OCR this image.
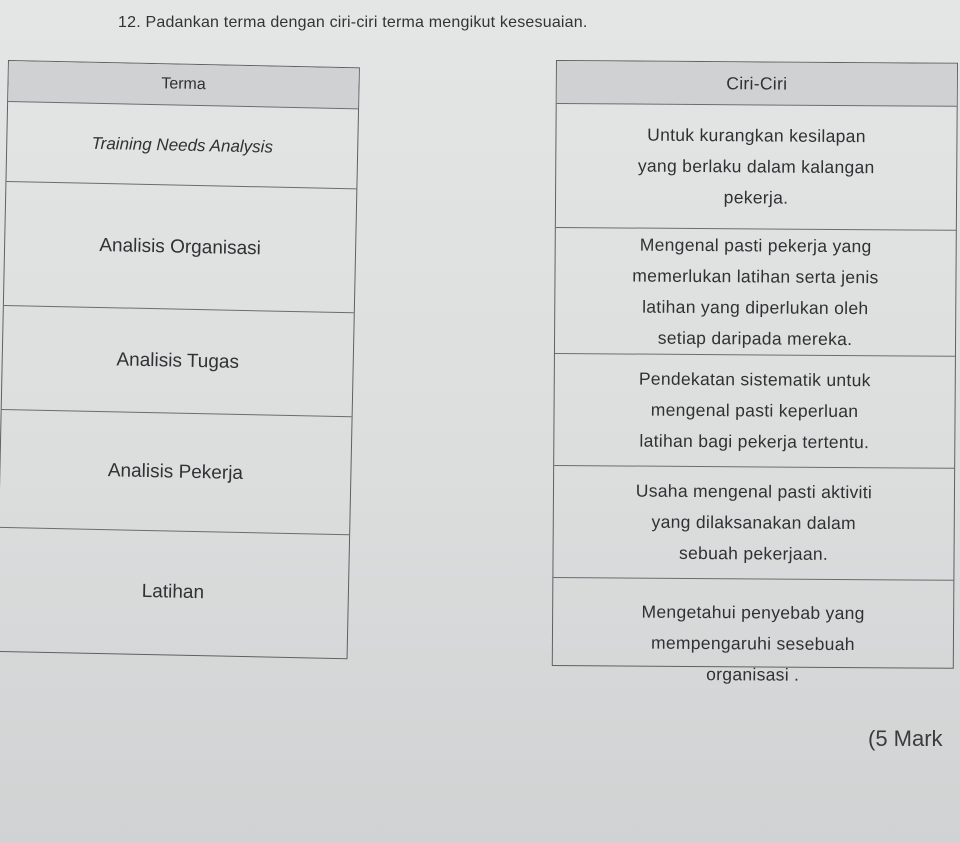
12. Padankan terma dengan ciri-ciri terma mengikut kesesuaian.
Terma
Training Needs Analysis
Analisis Organisasi
Analisis Tugas
Analisis Pekerja
Latihan
Ciri-Ciri
Untuk kurangkan kesilapan
yang berlaku dalam kalangan
pekerja.
Mengenal pasti pekerja yang
memerlukan latihan serta jenis
latihan yang diperlukan oleh
setiap daripada mereka.
Pendekatan sistematik untuk
mengenal pasti keperluan
latihan bagi pekerja tertentu.
Usaha mengenal pasti aktiviti
yang dilaksanakan dalam
sebuah pekerjaan.
Mengetahui penyebab yang
mempengaruhi sesebuah
organisasi .
(5 Mark
